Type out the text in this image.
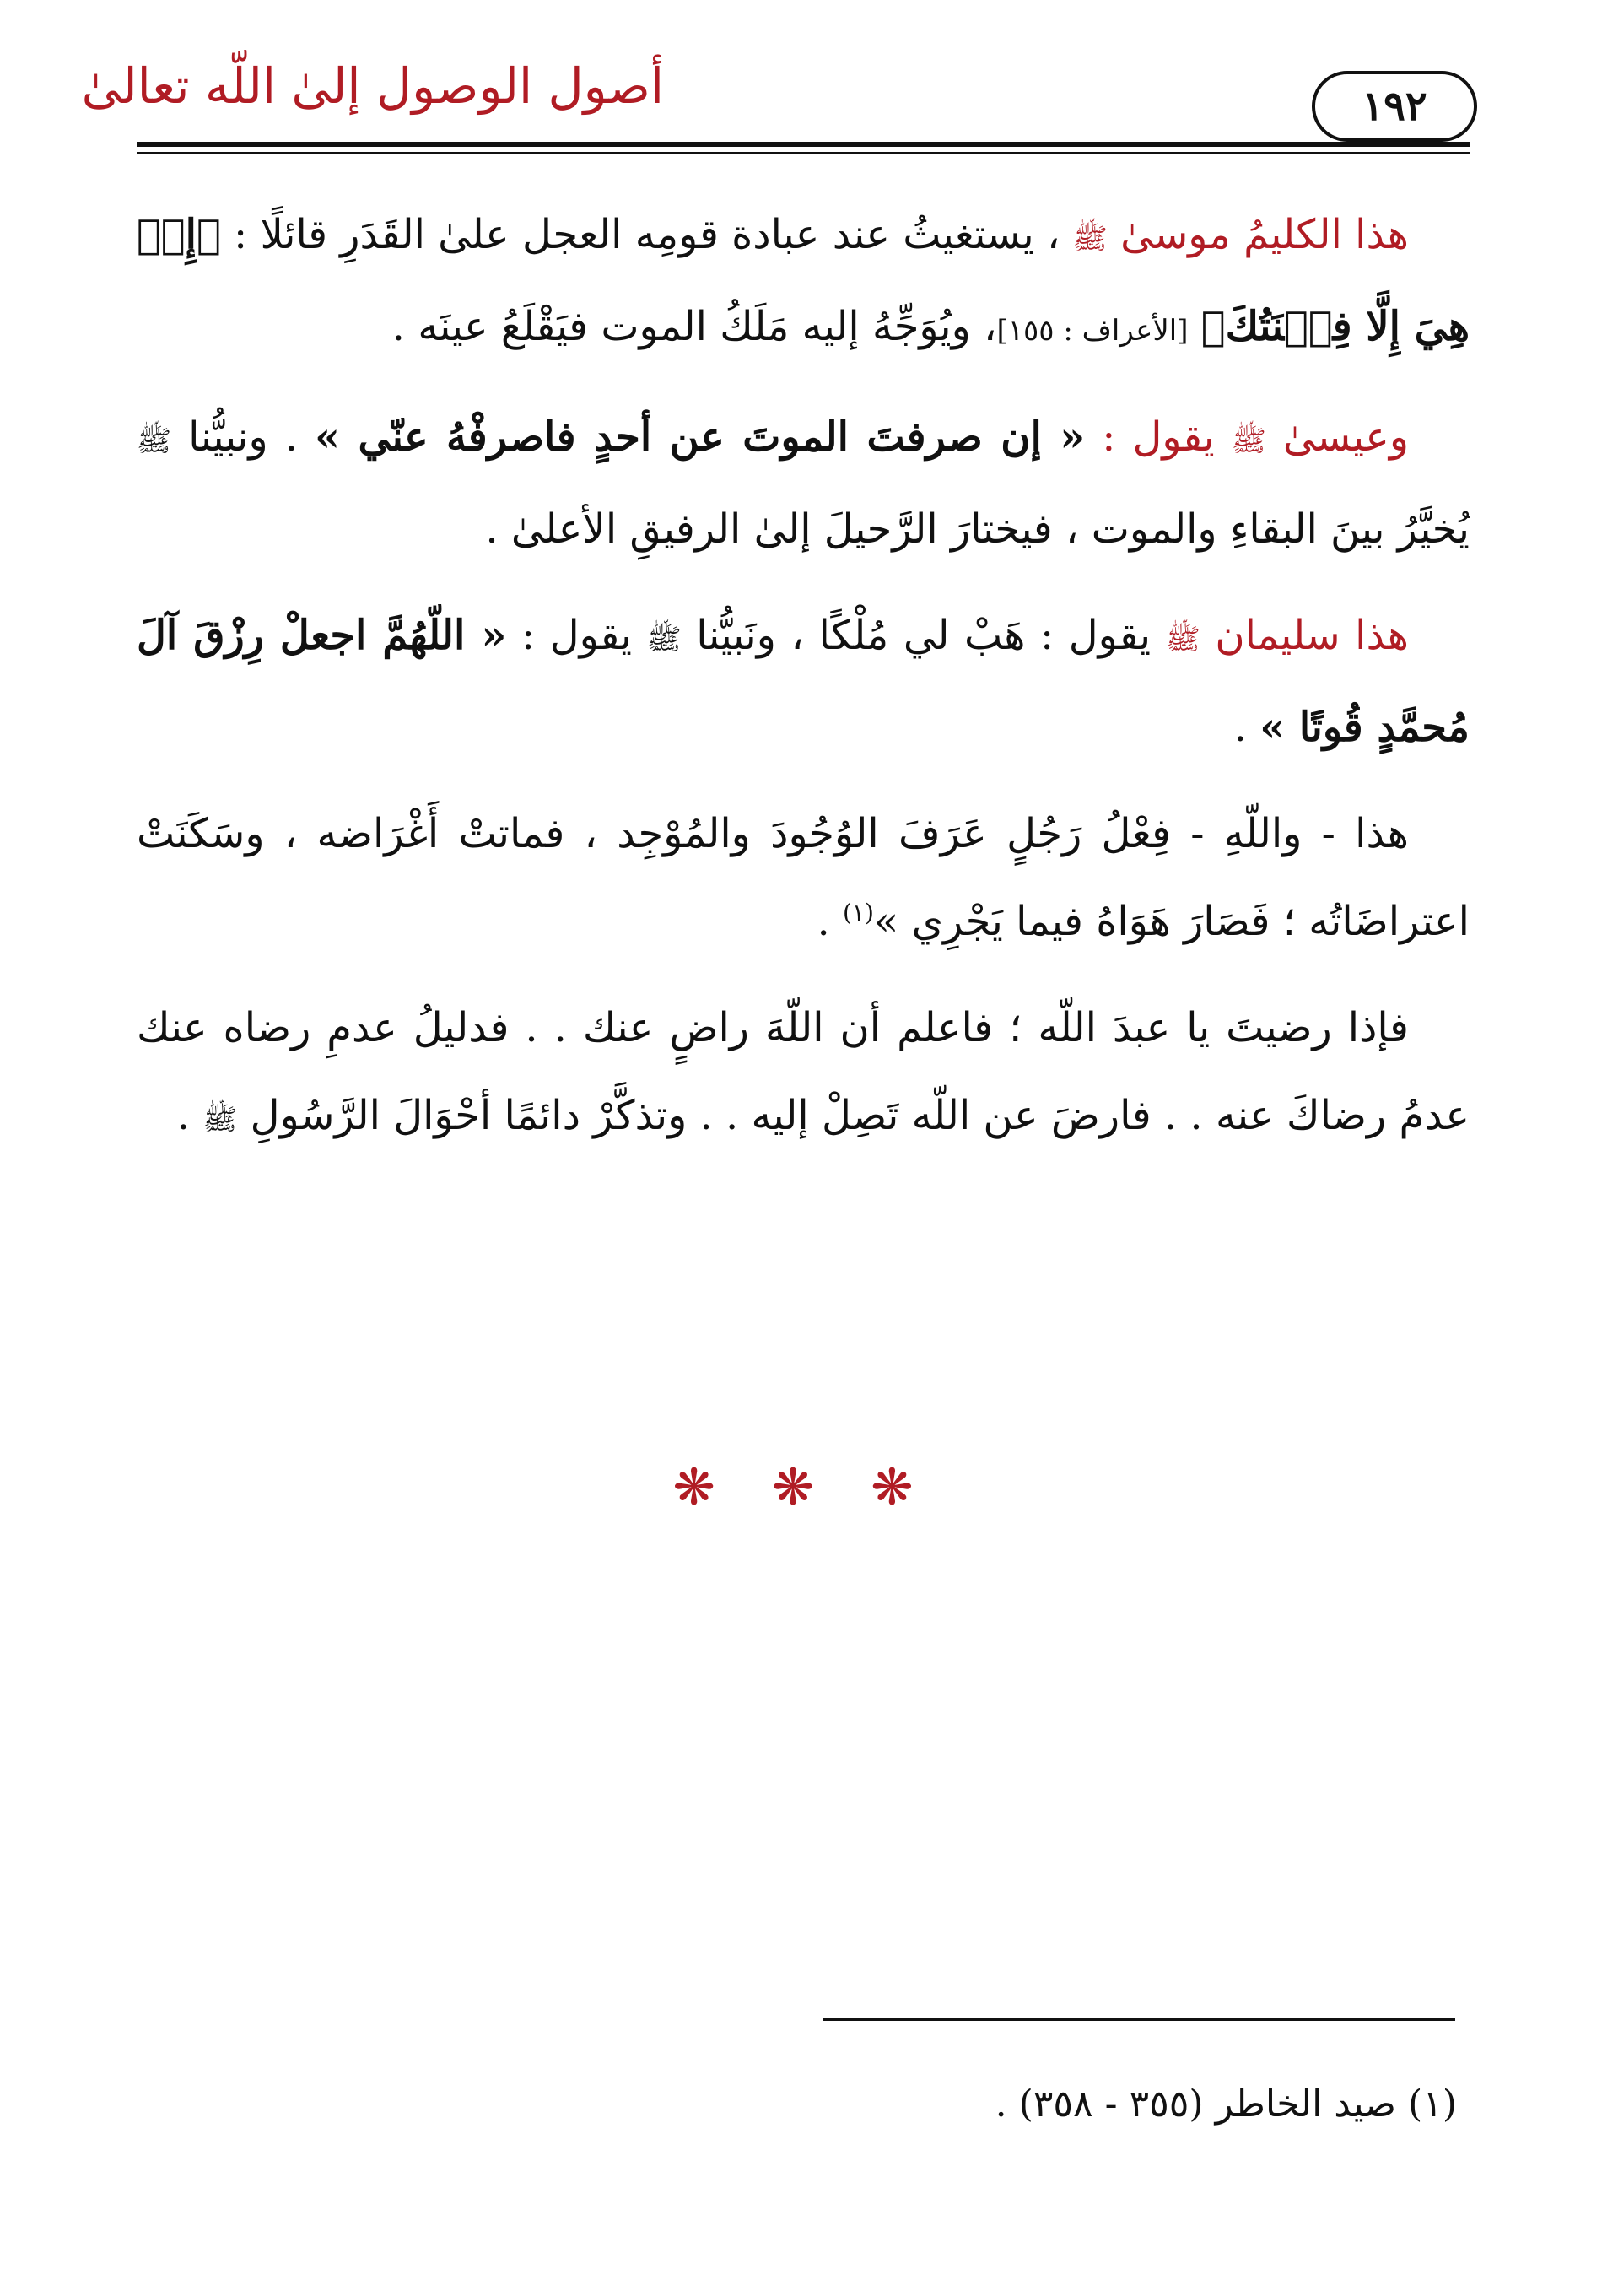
أصول الوصول إلىٰ اللّه تعالىٰ	١٩٢

هذا الكليمُ موسىٰ ﷺ ، يستغيثُ عند عبادة قومِه العجل علىٰ القَدَرِ قائلًا : ﴿إِنۡ هِيَ إِلَّا فِتۡنَتُكَ﴾ [الأعراف : ١٥٥]، ويُوَجِّهُ إليه مَلَكُ الموت فيَقْلَعُ عينَه .

وعيسىٰ ﷺ يقول : « إن صرفتَ الموتَ عن أحدٍ فاصرفْهُ عنّي » . ونبيُّنا ﷺ يُخيَّرُ بينَ البقاءِ والموت ، فيختارَ الرَّحيلَ إلىٰ الرفيقِ الأعلىٰ .

هذا سليمان ﷺ يقول : هَبْ لي مُلْكًا ، ونَبيُّنا ﷺ يقول : « اللّهُمَّ اجعلْ رِزْقَ آلَ مُحمَّدٍ قُوتًا » .

هذا - واللّهِ - فِعْلُ رَجُلٍ عَرَفَ الوُجُودَ والمُوْجِد ، فماتتْ أَغْرَاضه ، وسَكَنَتْ اعتراضَاتُه ؛ فَصَارَ هَوَاهُ فيما يَجْرِي »$^{(١)}$ .

فإذا رضيتَ يا عبدَ اللّه ؛ فاعلم أن اللّهَ راضٍ عنك . . فدليلُ عدمِ رضاه عنك عدمُ رضاكَ عنه . . فارضَ عن اللّه تَصِلْ إليه . . وتذكَّرْ دائمًا أحْوَالَ الرَّسُولِ ﷺ .

❋ ❋ ❋
(١) صيد الخاطر (٣٥٥ - ٣٥٨) .
